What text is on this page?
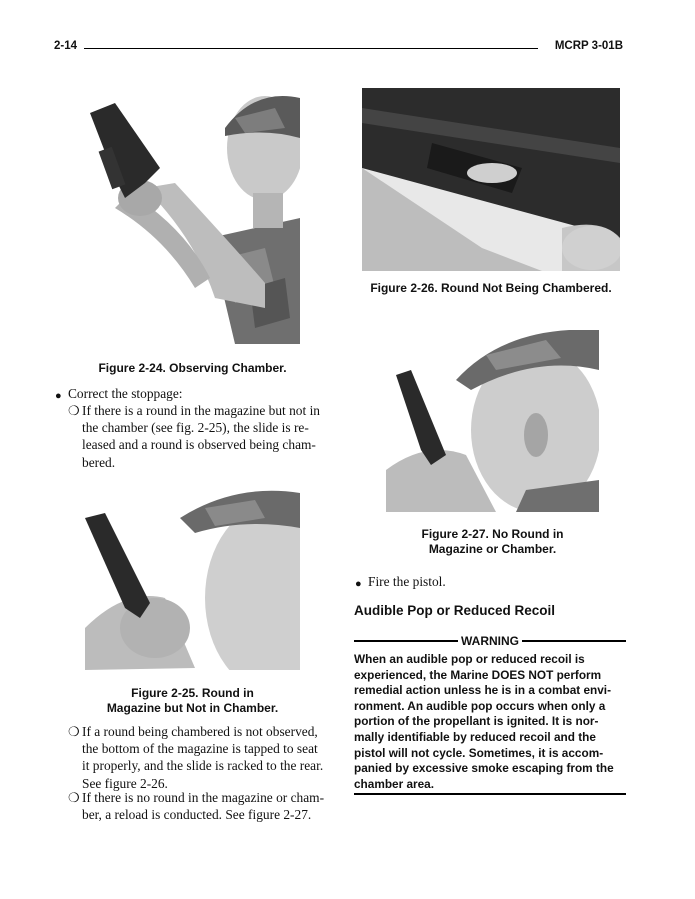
2-14	MCRP 3-01B
Figure 2-24. Observing Chamber.
● Correct the stoppage:
❍ If there is a round in the magazine but not in

the chamber (see fig. 2-25), the slide is re-

leased and a round is observed being cham-

bered.

Figure 2-25. Round in
Magazine but Not in Chamber.
❍ If a round being chambered is not observed,

the bottom of the magazine is tapped to seat

it properly, and the slide is racked to the rear.

See figure 2-26.

❍ If there is no round in the magazine or cham-

ber, a reload is conducted. See figure 2-27.

Figure 2-26. Round Not Being Chambered.
Figure 2-27. No Round in
Magazine or Chamber.
● Fire the pistol.
Audible Pop or Reduced Recoil
WARNING

When an audible pop or reduced recoil is

experienced, the Marine DOES NOT perform

remedial action unless he is in a combat envi-

ronment. An audible pop occurs when only a

portion of the propellant is ignited. It is nor-

mally identifiable by reduced recoil and the

pistol will not cycle. Sometimes, it is accom-

panied by excessive smoke escaping from the

chamber area.
